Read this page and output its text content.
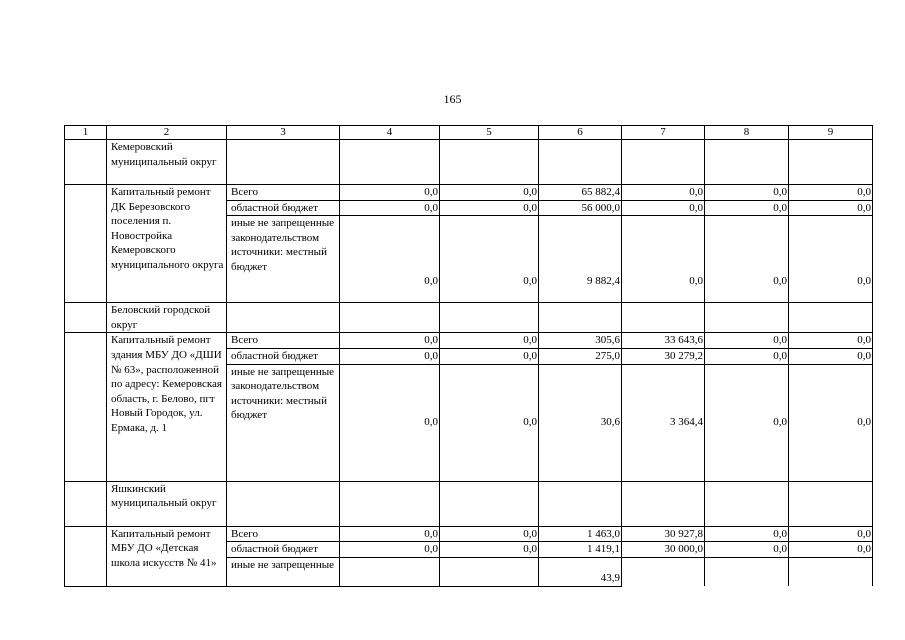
165
1	2	3	4	5	6	7	8	9
	Кемеровский муниципальный округ							
	Капитальный ремонт ДК Березовского поселения п. Новостройка Кемеровского муниципального округа	Всего	0,0	0,0	65 882,4	0,0	0,0	0,0
		областной бюджет	0,0	0,0	56 000,0	0,0	0,0	0,0
		иные не запрещенные законодательством источники: местный бюджет	0,0	0,0	9 882,4	0,0	0,0	0,0
	Беловский городской округ							
	Капитальный ремонт здания МБУ ДО «ДШИ № 63», расположенной по адресу: Кемеровская область, г. Белово, пгт Новый Городок, ул. Ермака, д. 1	Всего	0,0	0,0	305,6	33 643,6	0,0	0,0
		областной бюджет	0,0	0,0	275,0	30 279,2	0,0	0,0
		иные не запрещенные законодательством источники: местный бюджет	0,0	0,0	30,6	3 364,4	0,0	0,0
	Яшкинский муниципальный округ							
	Капитальный ремонт МБУ ДО «Детская школа искусств № 41»	Всего	0,0	0,0	1 463,0	30 927,8	0,0	0,0
		областной бюджет	0,0	0,0	1 419,1	30 000,0	0,0	0,0
		иные не запрещенные			43,9			
